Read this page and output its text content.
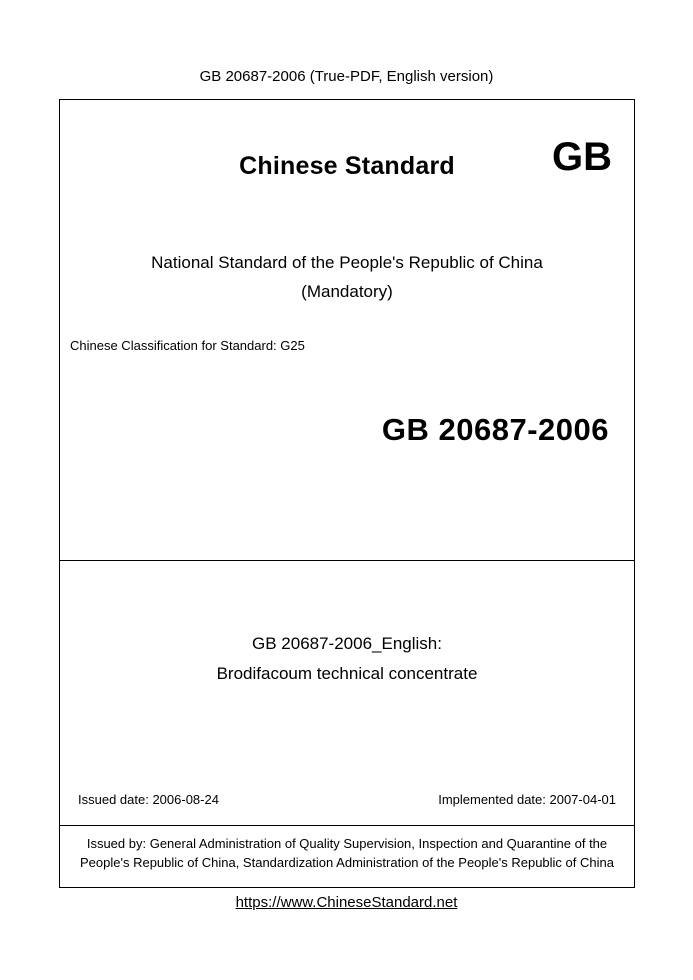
GB 20687-2006 (True-PDF, English version)
Chinese Standard	GB
National Standard of the People's Republic of China
(Mandatory)
Chinese Classification for Standard: G25
GB 20687-2006
GB 20687-2006_English:
Brodifacoum technical concentrate
Issued date: 2006-08-24	Implemented date: 2007-04-01
Issued by: General Administration of Quality Supervision, Inspection and Quarantine of the People's Republic of China, Standardization Administration of the People's Republic of China
https://www.ChineseStandard.net
